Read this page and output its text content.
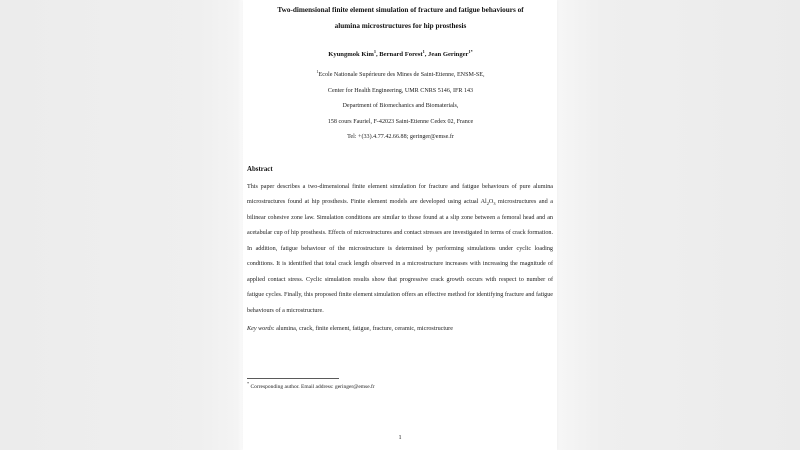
Two-dimensional finite element simulation of fracture and fatigue behaviours of
alumina microstructures for hip prosthesis
Kyungmok Kim$^1$, Bernard Forest$^1$, Jean Geringer$^{1*}$
$^1$Ecole Nationale Supérieure des Mines de Saint-Etienne, ENSM-SE,
Center for Health Engineering, UMR CNRS 5146, IFR 143
Department of Biomechanics and Biomaterials,
158 cours Fauriel, F-42023 Saint-Etienne Cedex 02, France
Tel: +(33).4.77.42.66.88; geringer@emse.fr
Abstract
This paper describes a two-dimensional finite element simulation for fracture and fatigue behaviours of pure alumina microstructures found at hip prosthesis. Finite element models are developed using actual $Al_2O_3$ microstructures and a bilinear cohesive zone law. Simulation conditions are similar to those found at a slip zone between a femoral head and an acetabular cup of hip prosthesis. Effects of microstructures and contact stresses are investigated in terms of crack formation. In addition, fatigue behaviour of the microstructure is determined by performing simulations under cyclic loading conditions. It is identified that total crack length observed in a microstructure increases with increasing the magnitude of applied contact stress. Cyclic simulation results show that progressive crack growth occurs with respect to number of fatigue cycles. Finally, this proposed finite element simulation offers an effective method for identifying fracture and fatigue behaviours of a microstructure.
Key words: alumina, crack, finite element, fatigue, fracture, ceramic, microstructure
* Corresponding author. Email address: geringer@emse.fr
1
